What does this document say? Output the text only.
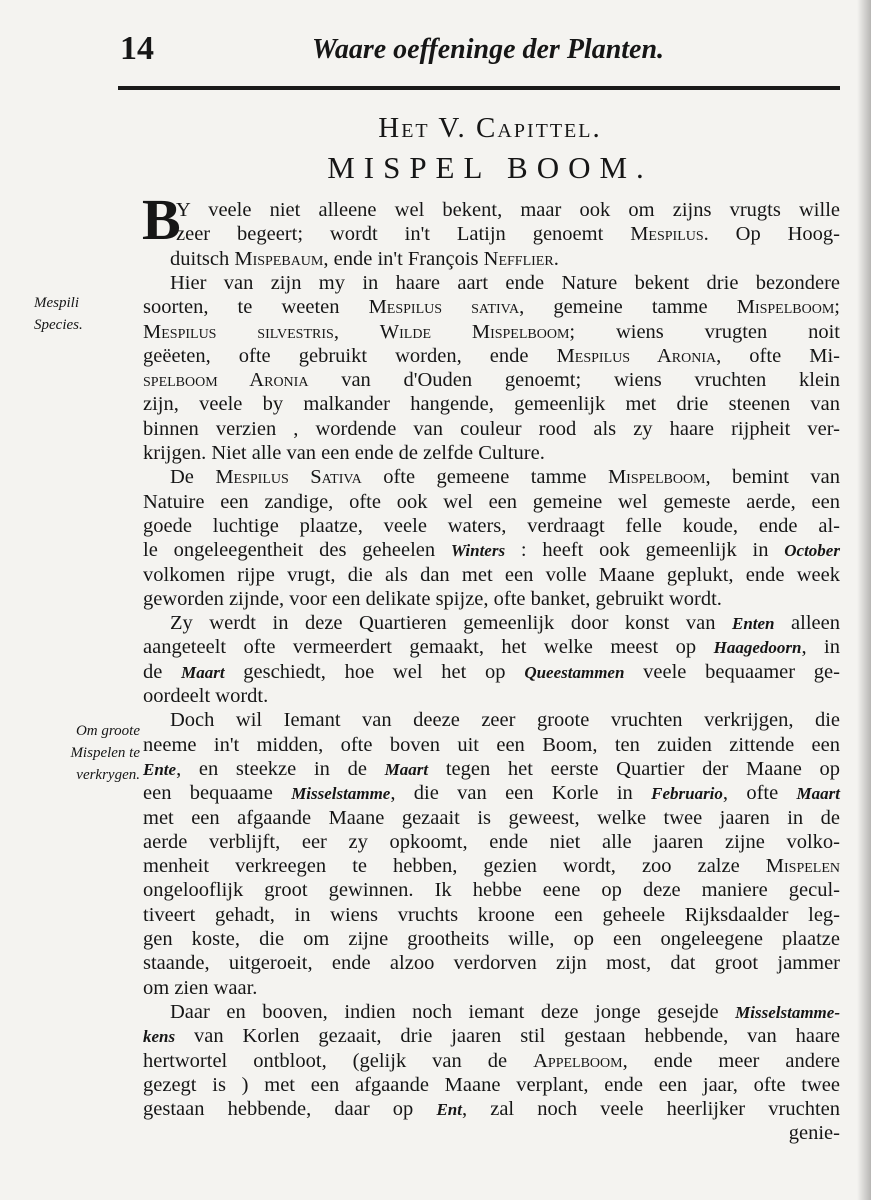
14	Waare oeffeninge der Planten.
Het V. Capittel.
MISPEL BOOM.
B
Mespili Species.
Om groote Mispelen te verkrygen.
Y veele niet alleene wel bekent, maar ook om zijns vrugts wille
zeer begeert; wordt in't Latijn genoemt Mespilus. Op Hoog-
duitsch Mispebaum, ende in't François Nefflier.
Hier van zijn my in haare aart ende Nature bekent drie bezondere
soorten, te weeten Mespilus sativa, gemeine tamme Mispelboom;
Mespilus silvestris, Wilde Mispelboom; wiens vrugten noit
geëeten, ofte gebruikt worden, ende Mespilus Aronia, ofte Mi-
spelboom Aronia van d'Ouden genoemt; wiens vruchten klein
zijn, veele by malkander hangende, gemeenlijk met drie steenen van
binnen verzien , wordende van couleur rood als zy haare rijpheit ver-
krijgen. Niet alle van een ende de zelfde Culture.
De Mespilus Sativa ofte gemeene tamme Mispelboom, bemint van
Natuire een zandige, ofte ook wel een gemeine wel gemeste aerde, een
goede luchtige plaatze, veele waters, verdraagt felle koude, ende al-
le ongeleegentheit des geheelen Winters : heeft ook gemeenlijk in October
volkomen rijpe vrugt, die als dan met een volle Maane geplukt, ende week
geworden zijnde, voor een delikate spijze, ofte banket, gebruikt wordt.
Zy werdt in deze Quartieren gemeenlijk door konst van Enten alleen
aangeteelt ofte vermeerdert gemaakt, het welke meest op Haagedoorn, in
de Maart geschiedt, hoe wel het op Queestammen veele bequaamer ge-
oordeelt wordt.
Doch wil Iemant van deeze zeer groote vruchten verkrijgen, die
neeme in't midden, ofte boven uit een Boom, ten zuiden zittende een
Ente, en steekze in de Maart tegen het eerste Quartier der Maane op
een bequaame Misselstamme, die van een Korle in Februario, ofte Maart
met een afgaande Maane gezaait is geweest, welke twee jaaren in de
aerde verblijft, eer zy opkoomt, ende niet alle jaaren zijne volko-
menheit verkreegen te hebben, gezien wordt, zoo zalze Mispelen
ongelooflijk groot gewinnen. Ik hebbe eene op deze maniere gecul-
tiveert gehadt, in wiens vruchts kroone een geheele Rijksdaalder leg-
gen koste, die om zijne grootheits wille, op een ongeleegene plaatze
staande, uitgeroeit, ende alzoo verdorven zijn most, dat groot jammer
om zien waar.
Daar en booven, indien noch iemant deze jonge gesejde Misselstamme-
kens van Korlen gezaait, drie jaaren stil gestaan hebbende, van haare
hertwortel ontbloot, (gelijk van de Appelboom, ende meer andere
gezegt is ) met een afgaande Maane verplant, ende een jaar, ofte twee
gestaan hebbende, daar op Ent, zal noch veele heerlijker vruchten
genie-
